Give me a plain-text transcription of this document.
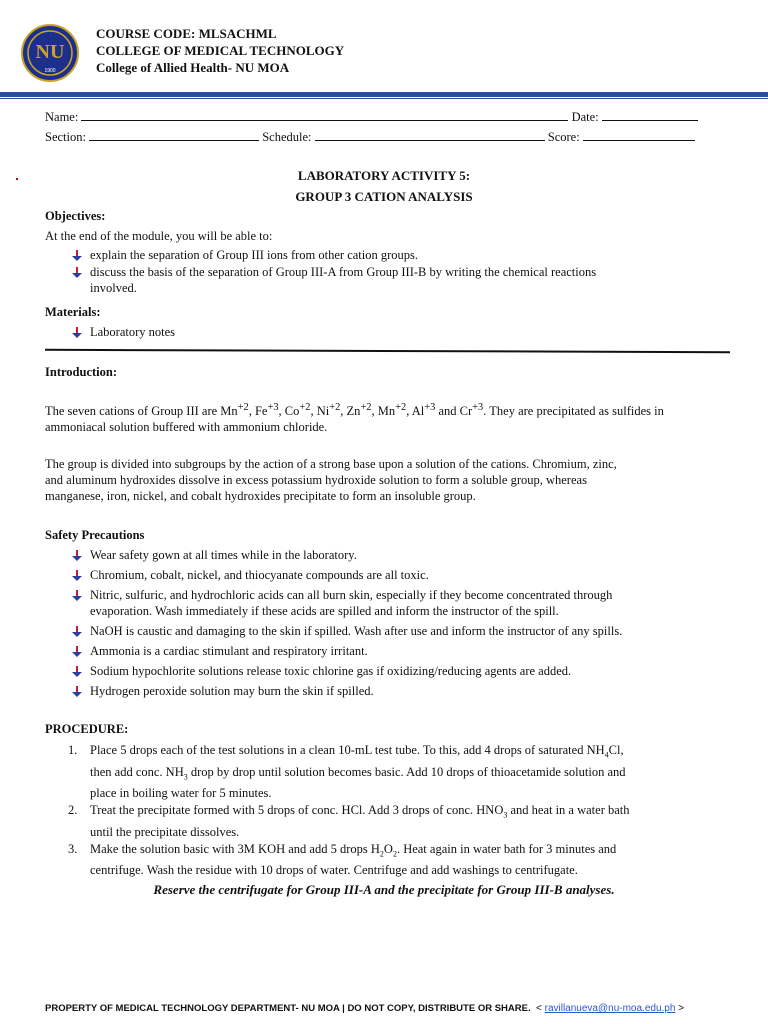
NU
1900
COURSE CODE: MLSACHML
COLLEGE OF MEDICAL TECHNOLOGY
College of Allied Health- NU MOA
Name:	Date:
Section:	Schedule:	Score:
LABORATORY ACTIVITY 5:
GROUP 3 CATION ANALYSIS
Objectives:
At the end of the module, you will be able to:
explain the separation of Group III ions from other cation groups.
discuss the basis of the separation of Group III-A from Group III-B by writing the chemical reactions
involved.
Materials:
Laboratory notes
Introduction:
The seven cations of Group III are $Mn^{+2}$, $Fe^{+3}$, $Co^{+2}$, $Ni^{+2}$, $Zn^{+2}$, $Mn^{+2}$, $Al^{+3}$ and $Cr^{+3}$. They are precipitated as sulfides in
ammoniacal solution buffered with ammonium chloride.
The group is divided into subgroups by the action of a strong base upon a solution of the cations. Chromium, zinc,
and aluminum hydroxides dissolve in excess potassium hydroxide solution to form a soluble group, whereas
manganese, iron, nickel, and cobalt hydroxides precipitate to form an insoluble group.
Safety Precautions
Wear safety gown at all times while in the laboratory.
Chromium, cobalt, nickel, and thiocyanate compounds are all toxic.
Nitric, sulfuric, and hydrochloric acids can all burn skin, especially if they become concentrated through
evaporation. Wash immediately if these acids are spilled and inform the instructor of the spill.
NaOH is caustic and damaging to the skin if spilled. Wash after use and inform the instructor of any spills.
Ammonia is a cardiac stimulant and respiratory irritant.
Sodium hypochlorite solutions release toxic chlorine gas if oxidizing/reducing agents are added.
Hydrogen peroxide solution may burn the skin if spilled.
PROCEDURE:
1. Place 5 drops each of the test solutions in a clean 10-mL test tube. To this, add 4 drops of saturated $NH_4Cl$,
then add conc. $NH_3$ drop by drop until solution becomes basic. Add 10 drops of thioacetamide solution and
place in boiling water for 5 minutes.
2. Treat the precipitate formed with 5 drops of conc. HCl. Add 3 drops of conc. $HNO_3$ and heat in a water bath
until the precipitate dissolves.
3. Make the solution basic with 3M KOH and add 5 drops $H_2O_2$. Heat again in water bath for 3 minutes and
centrifuge. Wash the residue with 10 drops of water. Centrifuge and add washings to centrifugate.
Reserve the centrifugate for Group III-A and the precipitate for Group III-B analyses.
PROPERTY OF MEDICAL TECHNOLOGY DEPARTMENT- NU MOA | DO NOT COPY, DISTRIBUTE OR SHARE. < ravillanueva@nu-moa.edu.ph >
